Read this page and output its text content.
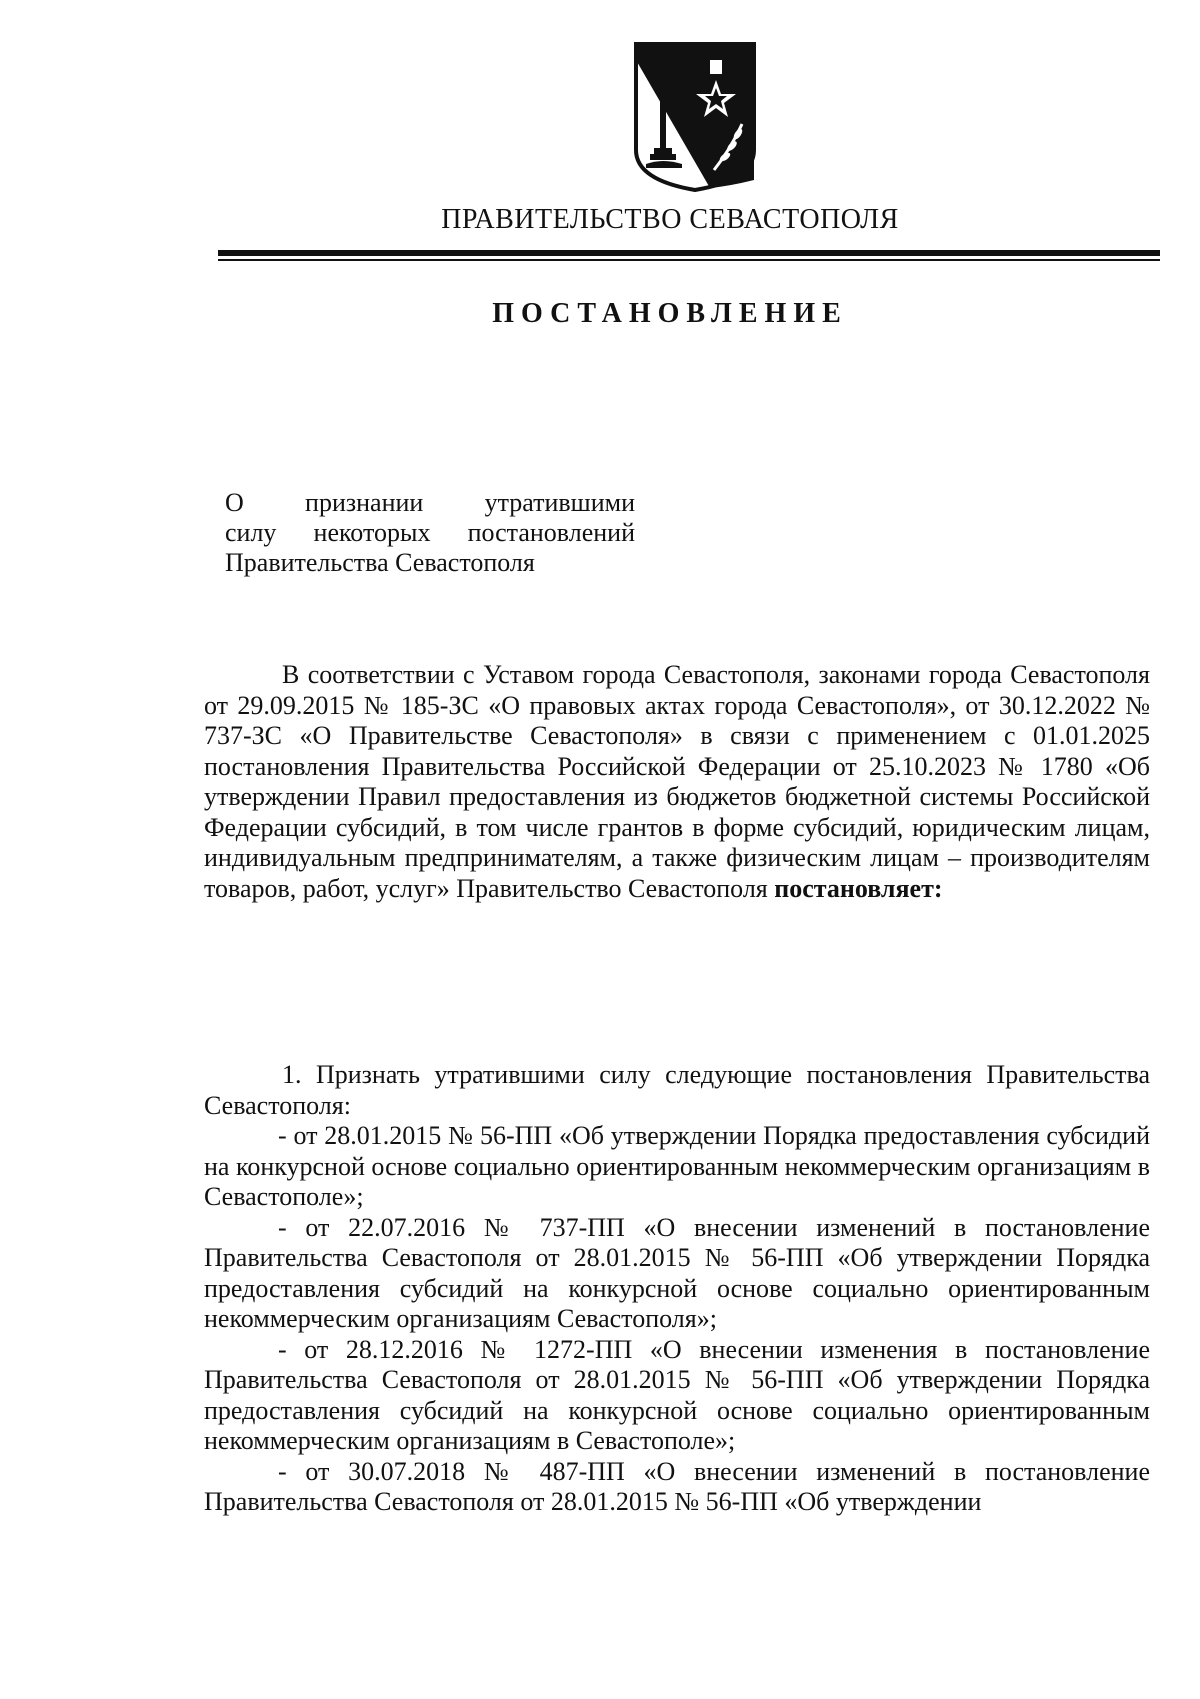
ПРАВИТЕЛЬСТВО СЕВАСТОПОЛЯ
ПОСТАНОВЛЕНИЕ
О признании утратившими
силу некоторых постановлений
Правительства Севастополя

В соответствии с Уставом города Севастополя, законами города Севастополя от 29.09.2015 № 185-ЗС «О правовых актах города Севастополя», от 30.12.2022 № 737-ЗС «О Правительстве Севастополя» в связи с применением с 01.01.2025 постановления Правительства Российской Федерации от 25.10.2023 № 1780 «Об утверждении Правил предоставления из бюджетов бюджетной системы Российской Федерации субсидий, в том числе грантов в форме субсидий, юридическим лицам, индивидуальным предпринимателям, а также физическим лицам – производителям товаров, работ, услуг» Правительство Севастополя постановляет:

1. Признать утратившими силу следующие постановления Правительства Севастополя:

- от 28.01.2015 № 56-ПП «Об утверждении Порядка предоставления субсидий на конкурсной основе социально ориентированным некоммерческим организациям в Севастополе»;

- от 22.07.2016 № 737-ПП «О внесении изменений в постановление Правительства Севастополя от 28.01.2015 № 56-ПП «Об утверждении Порядка предоставления субсидий на конкурсной основе социально ориентированным некоммерческим организациям Севастополя»;

- от 28.12.2016 № 1272-ПП «О внесении изменения в постановление Правительства Севастополя от 28.01.2015 № 56-ПП «Об утверждении Порядка предоставления субсидий на конкурсной основе социально ориентированным некоммерческим организациям в Севастополе»;

- от 30.07.2018 № 487-ПП «О внесении изменений в постановление Правительства Севастополя от 28.01.2015 № 56-ПП «Об утверждении
